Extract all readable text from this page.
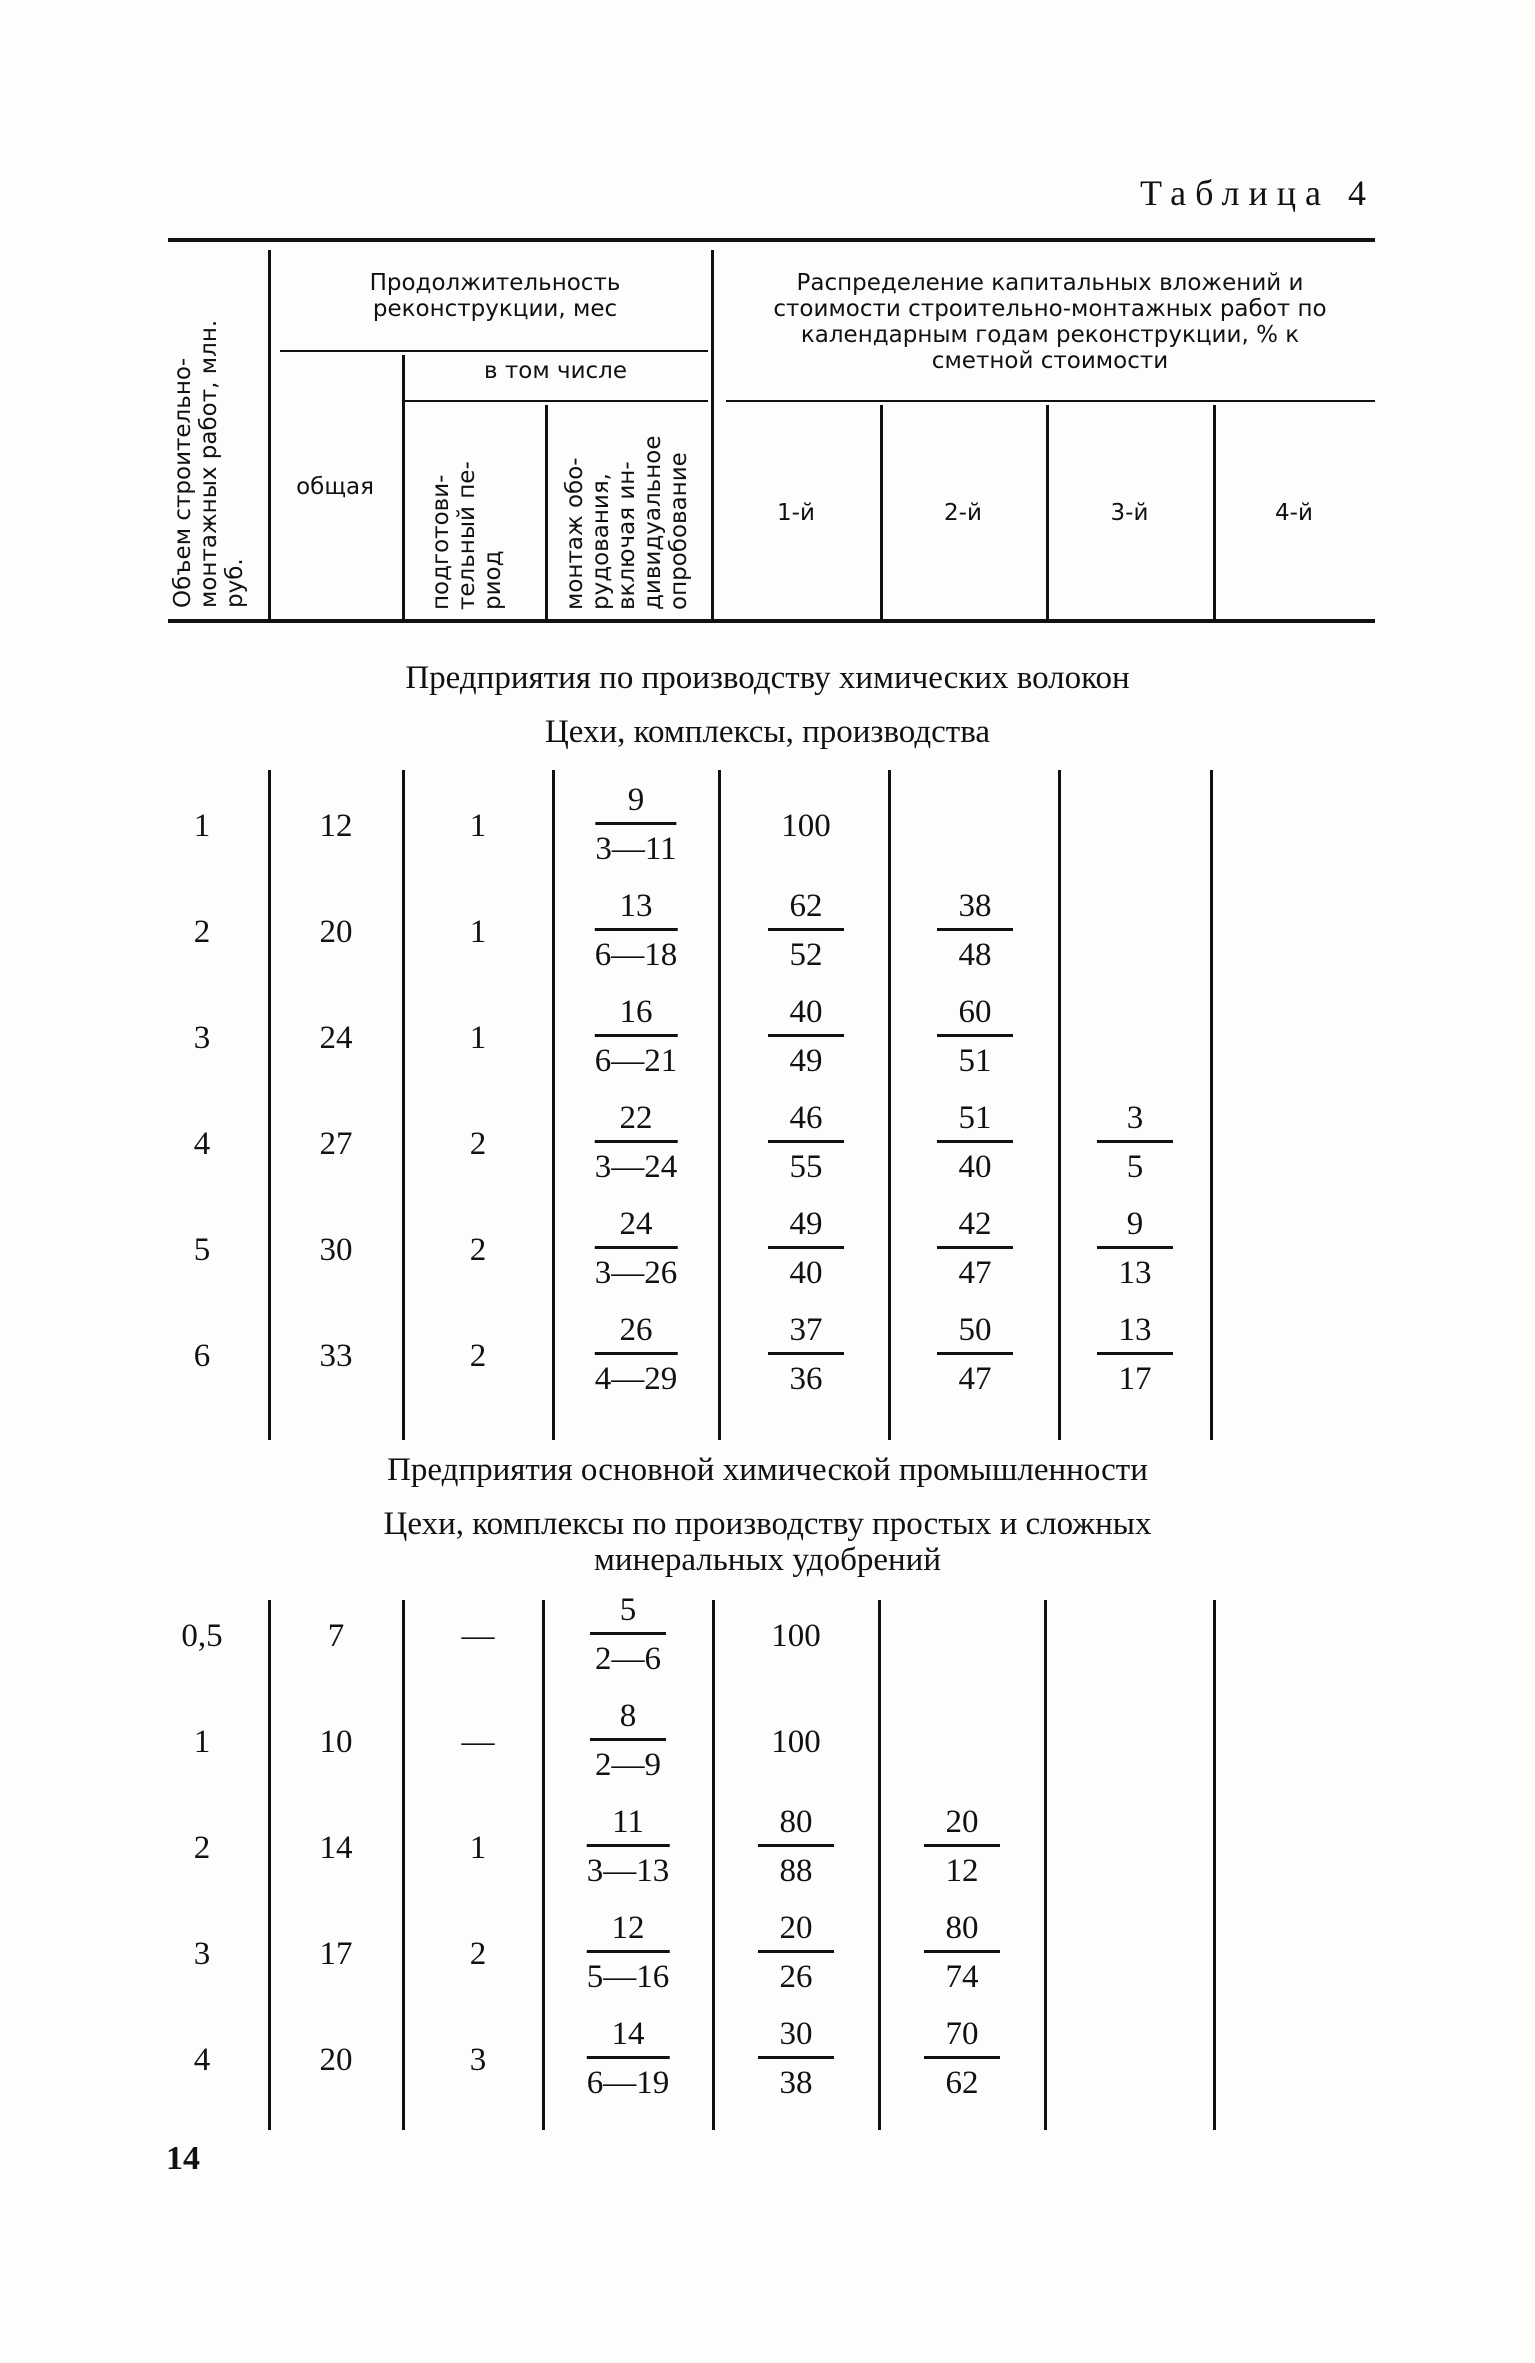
Таблица 4
Объем строительно-
монтажных работ, млн.
руб.
Продолжительность реконструкции, мес
в том числе
общая	подготови-
тельный пе-
риод	монтаж обо-
рудования,
включая ин-
дивидуальное
опробование
Распределение капитальных вложений и стоимости строительно-монтажных работ по календарным годам реконструкции, % к сметной стоимости
1-й	2-й	3-й	4-й
Предприятия по производству химических волокон
Цехи, комплексы, производства
1	12	1	$\frac{9}{3—11}$	100
2	20	1	$\frac{13}{6—18}$	$\frac{62}{52}$	$\frac{38}{48}$
3	24	1	$\frac{16}{6—21}$	$\frac{40}{49}$	$\frac{60}{51}$
4	27	2	$\frac{22}{3—24}$	$\frac{46}{55}$	$\frac{51}{40}$	$\frac{3}{5}$
5	30	2	$\frac{24}{3—26}$	$\frac{49}{40}$	$\frac{42}{47}$	$\frac{9}{13}$
6	33	2	$\frac{26}{4—29}$	$\frac{37}{36}$	$\frac{50}{47}$	$\frac{13}{17}$
Предприятия основной химической промышленности
Цехи, комплексы по производству простых и сложных
минеральных удобрений
0,5	7	—	$\frac{5}{2—6}$	100
1	10	—	$\frac{8}{2—9}$	100
2	14	1	$\frac{11}{3—13}$	$\frac{80}{88}$	$\frac{20}{12}$
3	17	2	$\frac{12}{5—16}$	$\frac{20}{26}$	$\frac{80}{74}$
4	20	3	$\frac{14}{6—19}$	$\frac{30}{38}$	$\frac{70}{62}$
14
